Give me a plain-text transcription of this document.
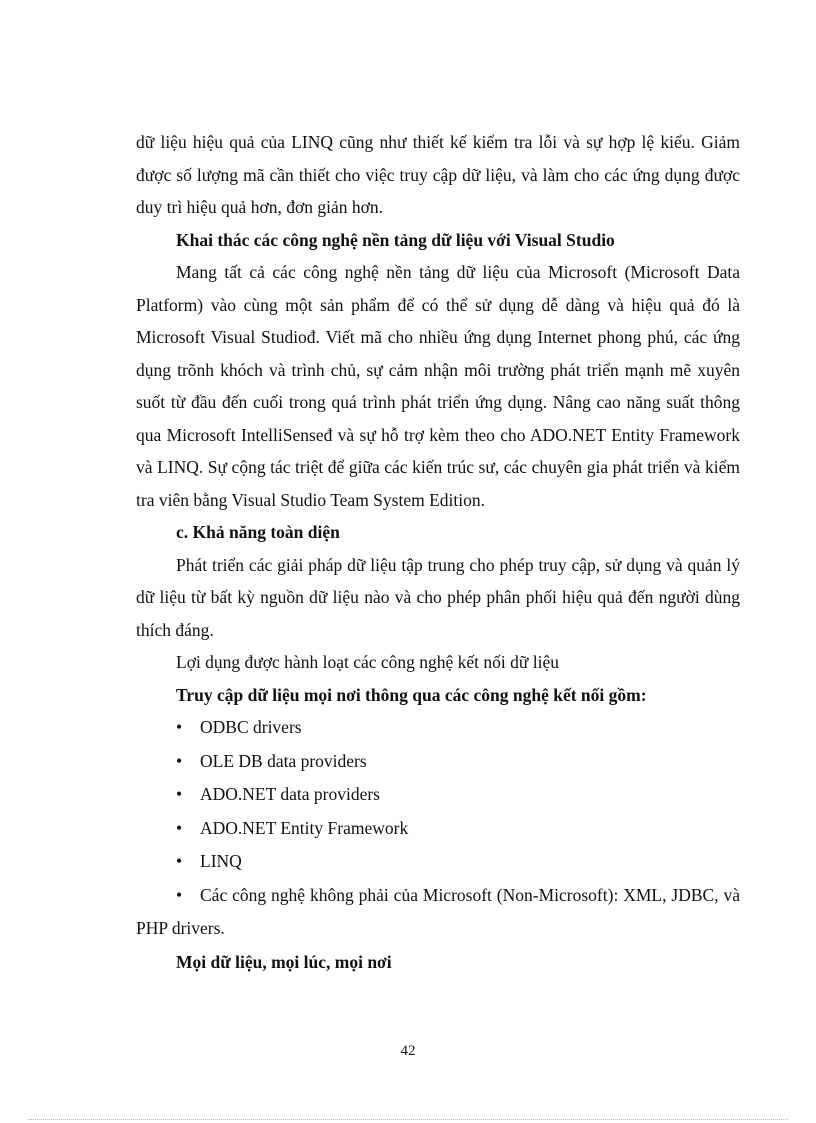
dữ liệu hiệu quả của LINQ cũng như thiết kế kiểm tra lỗi và sự hợp lệ kiểu. Giảm được số lượng mã cần thiết cho việc truy cập dữ liệu, và làm cho các ứng dụng được duy trì hiệu quả hơn, đơn giản hơn.

Khai thác các công nghệ nền tảng dữ liệu với Visual Studio

Mang tất cả các công nghệ nền tảng dữ liệu của Microsoft (Microsoft Data Platform) vào cùng một sản phẩm để có thể sử dụng dễ dàng và hiệu quả đó là Microsoft Visual Studiođ. Viết mã cho nhiều ứng dụng Internet phong phú, các ứng dụng trõnh khóch và trình chủ, sự cảm nhận môi trường phát triển mạnh mẽ xuyên suốt từ đầu đến cuối trong quá trình phát triển ứng dụng. Nâng cao năng suất thông qua Microsoft IntelliSenseđ và sự hỗ trợ kèm theo cho ADO.NET Entity Framework và LINQ. Sự cộng tác triệt để giữa các kiến trúc sư, các chuyên gia phát triển và kiểm tra viên bằng Visual Studio Team System Edition.

c. Khả năng toàn diện

Phát triển các giải pháp dữ liệu tập trung cho phép truy cập, sử dụng và quản lý dữ liệu từ bất kỳ nguồn dữ liệu nào và cho phép phân phối hiệu quả đến người dùng thích đáng.

Lợi dụng được hành loạt các công nghệ kết nối dữ liệu

Truy cập dữ liệu mọi nơi thông qua các công nghệ kết nối gồm:

•	ODBC drivers
•	OLE DB data providers
•	ADO.NET data providers
•	ADO.NET Entity Framework
•	LINQ
•	Các công nghệ không phải của Microsoft (Non-Microsoft): XML, JDBC, và PHP drivers.

Mọi dữ liệu, mọi lúc, mọi nơi

42
